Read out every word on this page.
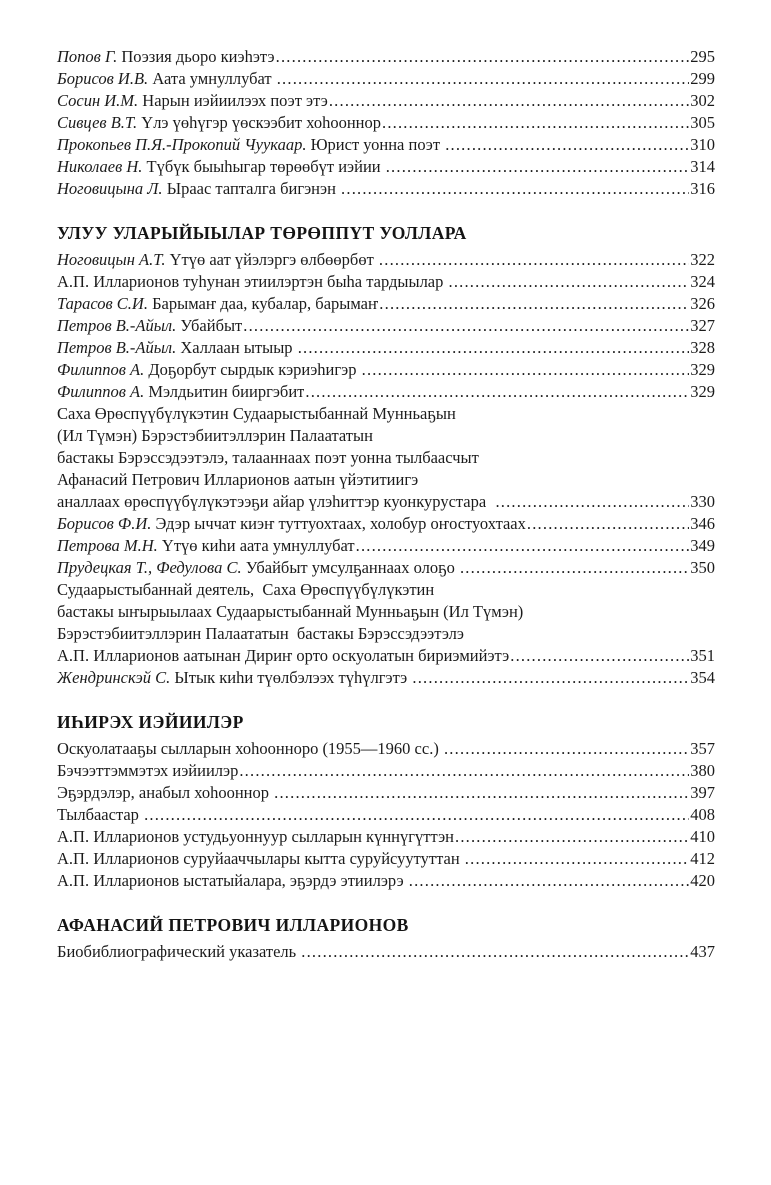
Попов Г. Поэзия дьоро киэһэтэ .....	295
Борисов И.В. Аата умнуллубат .....	299
Сосин И.М. Нарын иэйиилээх поэт этэ .....	302
Сивцев В.Т. Үлэ үөһүгэр үөскээбит хоһооннор .....	305
Прокопьев П.Я.-Прокопий Чуукаар. Юрист уонна поэт .....	310
Николаев Н. Түбүк быыһыгар төрөөбүт иэйии .....	314
Ноговицына Л. Ыраас тапталга бигэнэн .....	316
УЛУУ УЛАРЫЙЫЫЛАР ТӨРӨППҮТ УОЛЛАРА
Ноговицын А.Т. Үтүө аат үйэлэргэ өлбөөрбөт .....	322
А.П. Илларионов туһунан этиилэртэн быһа тардыылар .....	324
Тарасов С.И. Барымаҥ даа, кубалар, барымаҥ .....	326
Петров В.-Айыл. Убайбыт .....	327
Петров В.-Айыл. Халлаан ытыыр .....	328
Филиппов А. Доҕорбут сырдык кэриэһигэр .....	329
Филиппов А. Мэлдьитин бииргэбит .....	329
Саха Өрөспүүбүлүкэтин Судаарыстыбаннай Мунньаҕын
(Ил Түмэн) Бэрэстэбиитэллэрин Палаататын
бастакы Бэрэссэдээтэлэ, талааннаах поэт уонна тылбаасчыт
Афанасий Петрович Илларионов аатын үйэтитиигэ
аналлаах өрөспүүбүлүкэтээҕи айар үлэһиттэр куонкурустара .....	330
Борисов Ф.И. Эдэр ыччат киэҥ туттуохтаах, холобур оҥостуохтаах .....	346
Петрова М.Н. Үтүө киһи аата умнуллубат .....	349
Прудецкая Т., Федулова С. Убайбыт умсулҕаннаах олоҕо .....	350
Судаарыстыбаннай деятель,  Саха Өрөспүүбүлүкэтин
бастакы ыҥырыылаах Судаарыстыбаннай Мунньаҕын (Ил Түмэн)
Бэрэстэбиитэллэрин Палаататын  бастакы Бэрэссэдээтэлэ
А.П. Илларионов аатынан Дириҥ орто оскуолатын бириэмийэтэ .....	351
Жендринскэй С. Ытык киһи түөлбэлээх түһүлгэтэ .....	354
ИҺИРЭХ ИЭЙИИЛЭР
Оскуолатааҕы сылларын хоһоонноро (1955—1960 сс.) .....	357
Бэчээттэммэтэх иэйиилэр .....	380
Эҕэрдэлэр, анабыл хоһооннор .....	397
Тылбаастар .....	408
А.П. Илларионов устудьуоннуур сылларын күннүгүттэн .....	410
А.П. Илларионов суруйааччылары кытта суруйсуутуттан .....	412
А.П. Илларионов ыстатыйалара, эҕэрдэ этиилэрэ .....	420
АФАНАСИЙ ПЕТРОВИЧ ИЛЛАРИОНОВ
Биобиблиографический указатель .....	437
